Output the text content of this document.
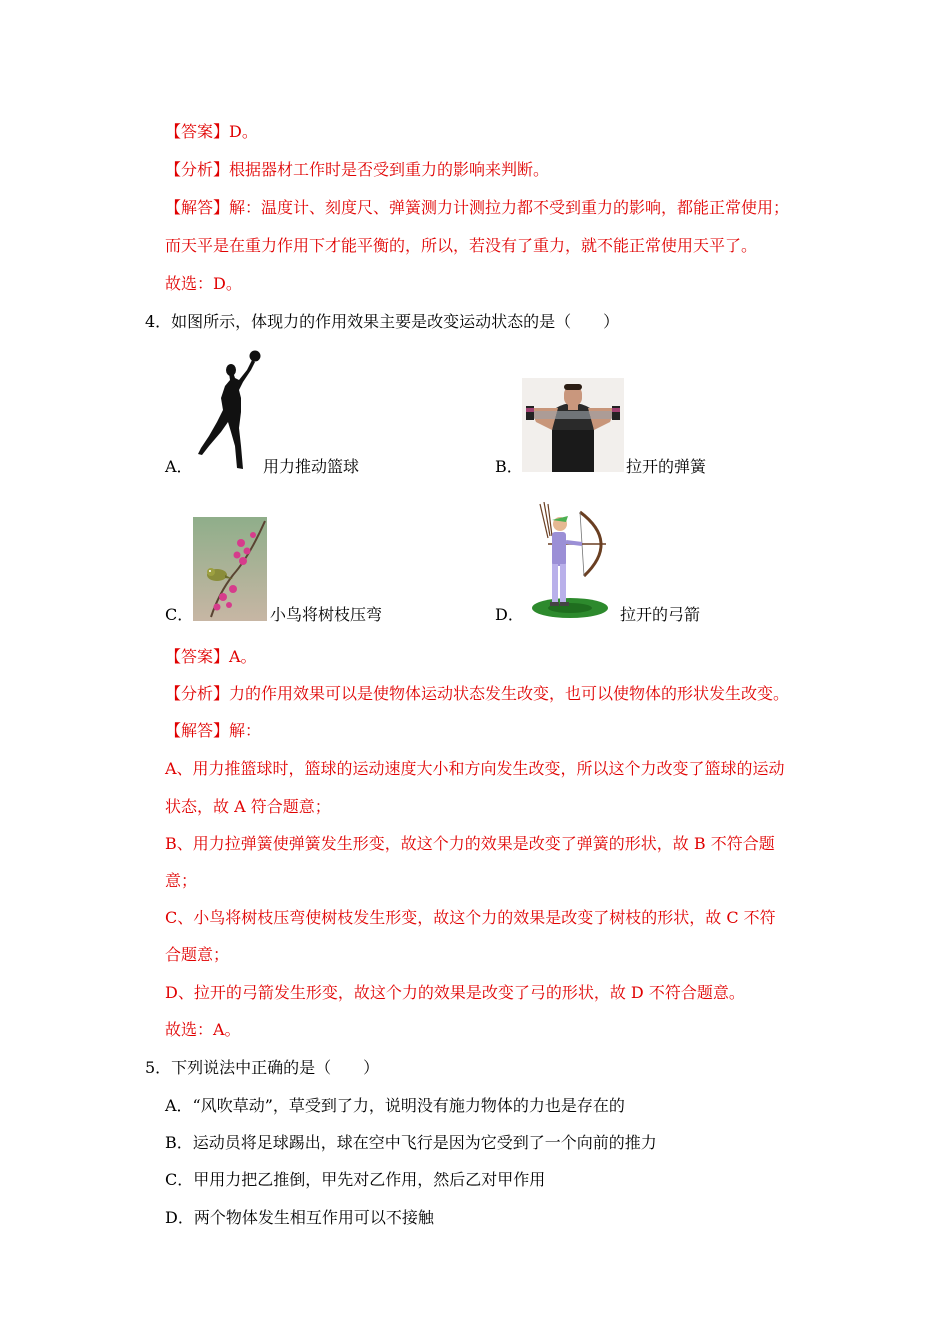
【答案】D。
【分析】根据器材工作时是否受到重力的影响来判断。
【解答】解：温度计、刻度尺、弹簧测力计测拉力都不受到重力的影响，都能正常使用；
而天平是在重力作用下才能平衡的，所以，若没有了重力，就不能正常使用天平了。
故选：D。
4．如图所示，体现力的作用效果主要是改变运动状态的是（　　）
A．	用力推动篮球	B．	拉开的弹簧
C．	小鸟将树枝压弯	D．	拉开的弓箭
【答案】A。
【分析】力的作用效果可以是使物体运动状态发生改变，也可以使物体的形状发生改变。
【解答】解：
A、用力推篮球时，篮球的运动速度大小和方向发生改变，所以这个力改变了篮球的运动
状态，故 A 符合题意；
B、用力拉弹簧使弹簧发生形变，故这个力的效果是改变了弹簧的形状，故 B 不符合题
意；
C、小鸟将树枝压弯使树枝发生形变，故这个力的效果是改变了树枝的形状，故 C 不符
合题意；
D、拉开的弓箭发生形变，故这个力的效果是改变了弓的形状，故 D 不符合题意。
故选：A。
5．下列说法中正确的是（　　）
A．“风吹草动”，草受到了力，说明没有施力物体的力也是存在的
B．运动员将足球踢出，球在空中飞行是因为它受到了一个向前的推力
C．甲用力把乙推倒，甲先对乙作用，然后乙对甲作用
D．两个物体发生相互作用可以不接触
